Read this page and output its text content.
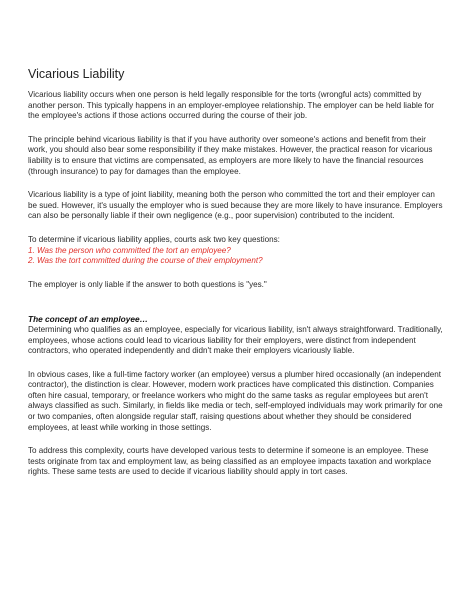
Vicarious Liability

Vicarious liability occurs when one person is held legally responsible for the torts (wrongful acts) committed by another person. This typically happens in an employer-employee relationship. The employer can be held liable for the employee's actions if those actions occurred during the course of their job.

The principle behind vicarious liability is that if you have authority over someone's actions and benefit from their work, you should also bear some responsibility if they make mistakes. However, the practical reason for vicarious liability is to ensure that victims are compensated, as employers are more likely to have the financial resources (through insurance) to pay for damages than the employee.

Vicarious liability is a type of joint liability, meaning both the person who committed the tort and their employer can be sued. However, it's usually the employer who is sued because they are more likely to have insurance. Employers can also be personally liable if their own negligence (e.g., poor supervision) contributed to the incident.

To determine if vicarious liability applies, courts ask two key questions:

1. Was the person who committed the tort an employee?

2. Was the tort committed during the course of their employment?

The employer is only liable if the answer to both questions is "yes."

The concept of an employee…

Determining who qualifies as an employee, especially for vicarious liability, isn't always straightforward. Traditionally, employees, whose actions could lead to vicarious liability for their employers, were distinct from independent contractors, who operated independently and didn't make their employers vicariously liable.

In obvious cases, like a full-time factory worker (an employee) versus a plumber hired occasionally (an independent contractor), the distinction is clear. However, modern work practices have complicated this distinction. Companies often hire casual, temporary, or freelance workers who might do the same tasks as regular employees but aren't always classified as such. Similarly, in fields like media or tech, self-employed individuals may work primarily for one or two companies, often alongside regular staff, raising questions about whether they should be considered employees, at least while working in those settings.

To address this complexity, courts have developed various tests to determine if someone is an employee. These tests originate from tax and employment law, as being classified as an employee impacts taxation and workplace rights. These same tests are used to decide if vicarious liability should apply in tort cases.
